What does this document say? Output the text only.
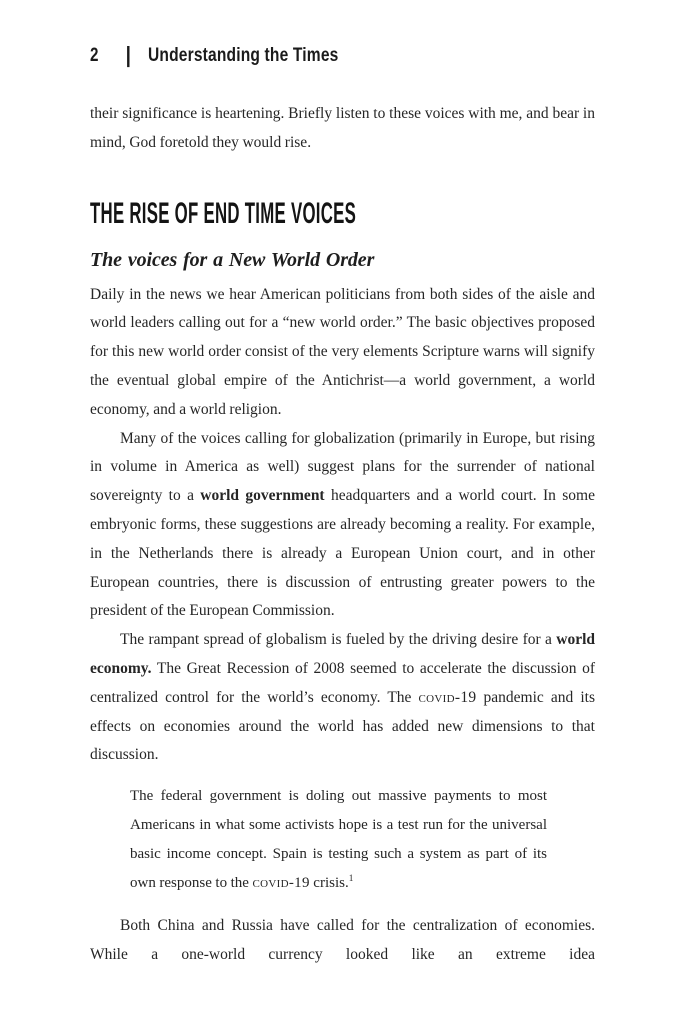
2 | Understanding the Times

their significance is heartening. Briefly listen to these voices with me, and bear in mind, God foretold they would rise.

THE RISE OF END TIME VOICES
The voices for a New World Order

Daily in the news we hear American politicians from both sides of the aisle and world leaders calling out for a “new world order.” The basic objectives proposed for this new world order consist of the very elements Scripture warns will signify the eventual global empire of the Antichrist—a world government, a world economy, and a world religion.

Many of the voices calling for globalization (primarily in Europe, but rising in volume in America as well) suggest plans for the surrender of national sovereignty to a world government headquarters and a world court. In some embryonic forms, these suggestions are already becoming a reality. For example, in the Netherlands there is already a European Union court, and in other European countries, there is discussion of entrusting greater powers to the president of the European Commission.

The rampant spread of globalism is fueled by the driving desire for a world economy. The Great Recession of 2008 seemed to accelerate the discussion of centralized control for the world’s economy. The covid-19 pandemic and its effects on economies around the world has added new dimensions to that discussion.

The federal government is doling out massive payments to most Americans in what some activists hope is a test run for the universal basic income concept. Spain is testing such a system as part of its own response to the covid-19 crisis.$^1$

Both China and Russia have called for the centralization of economies. While a one-world currency looked like an extreme idea
